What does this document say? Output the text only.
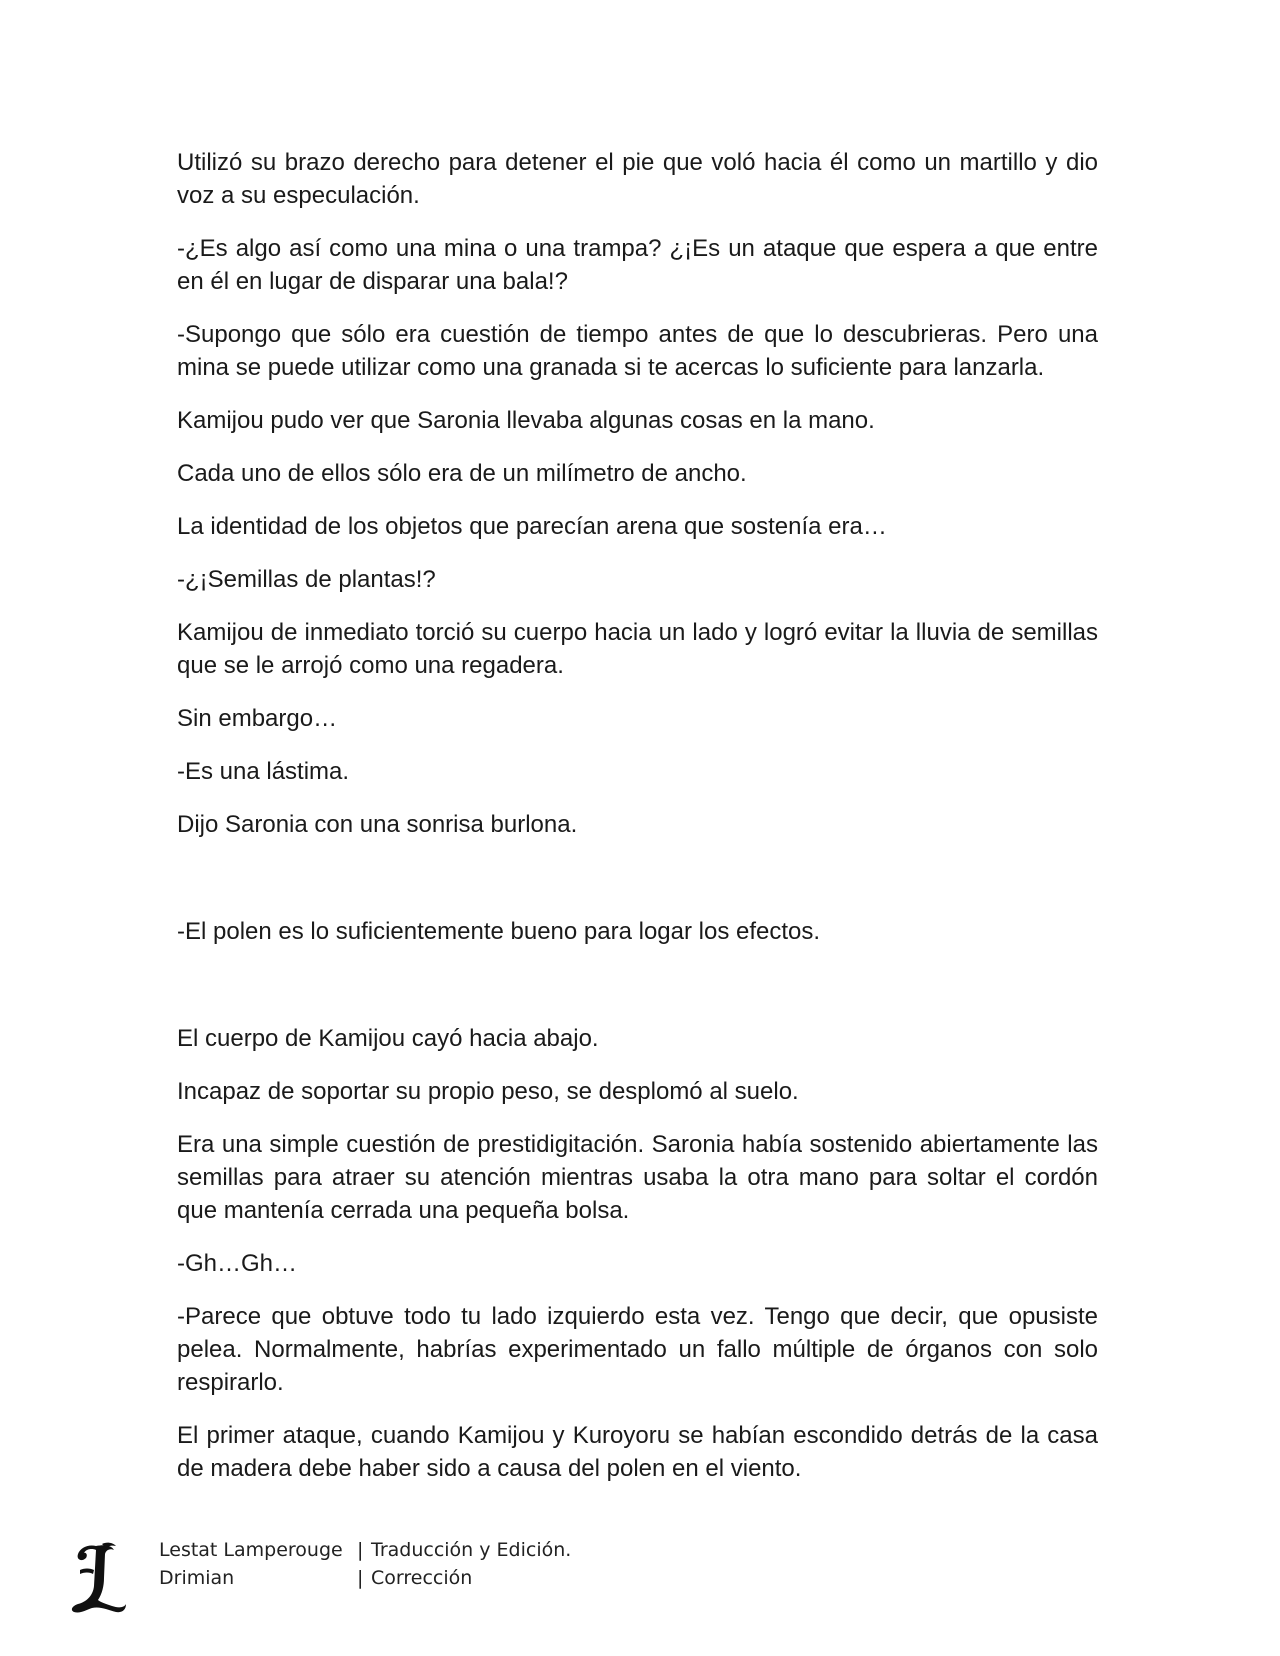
Utilizó su brazo derecho para detener el pie que voló hacia él como un martillo y dio voz a su especulación.

-¿Es algo así como una mina o una trampa? ¿¡Es un ataque que espera a que entre en él en lugar de disparar una bala!?

-Supongo que sólo era cuestión de tiempo antes de que lo descubrieras. Pero una mina se puede utilizar como una granada si te acercas lo suficiente para lanzarla.

Kamijou pudo ver que Saronia llevaba algunas cosas en la mano.

Cada uno de ellos sólo era de un milímetro de ancho.

La identidad de los objetos que parecían arena que sostenía era…

-¿¡Semillas de plantas!?

Kamijou de inmediato torció su cuerpo hacia un lado y logró evitar la lluvia de semillas que se le arrojó como una regadera.

Sin embargo…

-Es una lástima.

Dijo Saronia con una sonrisa burlona.

-El polen es lo suficientemente bueno para logar los efectos.

El cuerpo de Kamijou cayó hacia abajo.

Incapaz de soportar su propio peso, se desplomó al suelo.

Era una simple cuestión de prestidigitación. Saronia había sostenido abiertamente las semillas para atraer su atención mientras usaba la otra mano para soltar el cordón que mantenía cerrada una pequeña bolsa.

-Gh…Gh…

-Parece que obtuve todo tu lado izquierdo esta vez. Tengo que decir, que opusiste pelea. Normalmente, habrías experimentado un fallo múltiple de órganos con solo respirarlo.

El primer ataque, cuando Kamijou y Kuroyoru se habían escondido detrás de la casa de madera debe haber sido a causa del polen en el viento.

Lestat Lamperouge | Traducción y Edición.
Drimian	| Corrección
